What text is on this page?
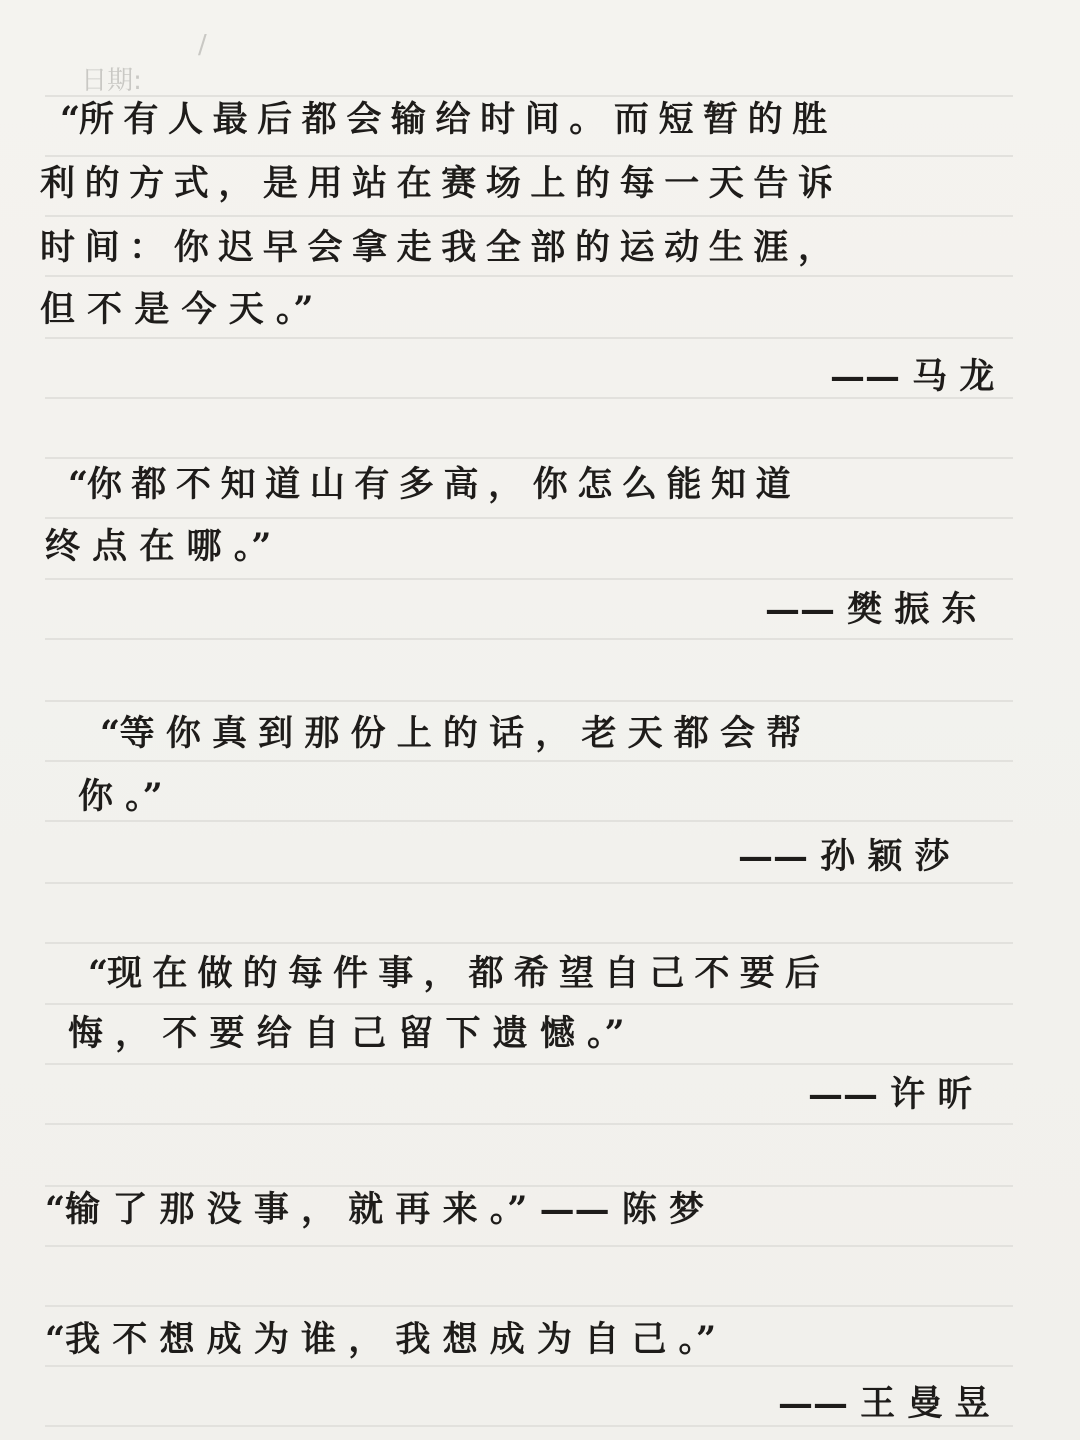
日期:

/

“所 有 人 最 后 都 会 输 给 时 间 。 而 短 暂 的 胜
利 的 方 式 ， 是 用 站 在 赛 场 上 的 每 一 天 告 诉
时 间 ： 你 迟 早 会 拿 走 我 全 部 的 运 动 生 涯 ，
但 不 是 今 天 。”
—— 马 龙
“你 都 不 知 道 山 有 多 高 ， 你 怎 么 能 知 道
终 点 在 哪 。”
—— 樊 振 东
“等 你 真 到 那 份 上 的 话 ， 老 天 都 会 帮
你 。”
—— 孙 颖 莎
“现 在 做 的 每 件 事 ， 都 希 望 自 己 不 要 后
悔 ， 不 要 给 自 己 留 下 遗 憾 。”
—— 许 昕
“输 了 那 没 事 ， 就 再 来 。” —— 陈 梦
“我 不 想 成 为 谁 ， 我 想 成 为 自 己 。”
—— 王 曼 昱
